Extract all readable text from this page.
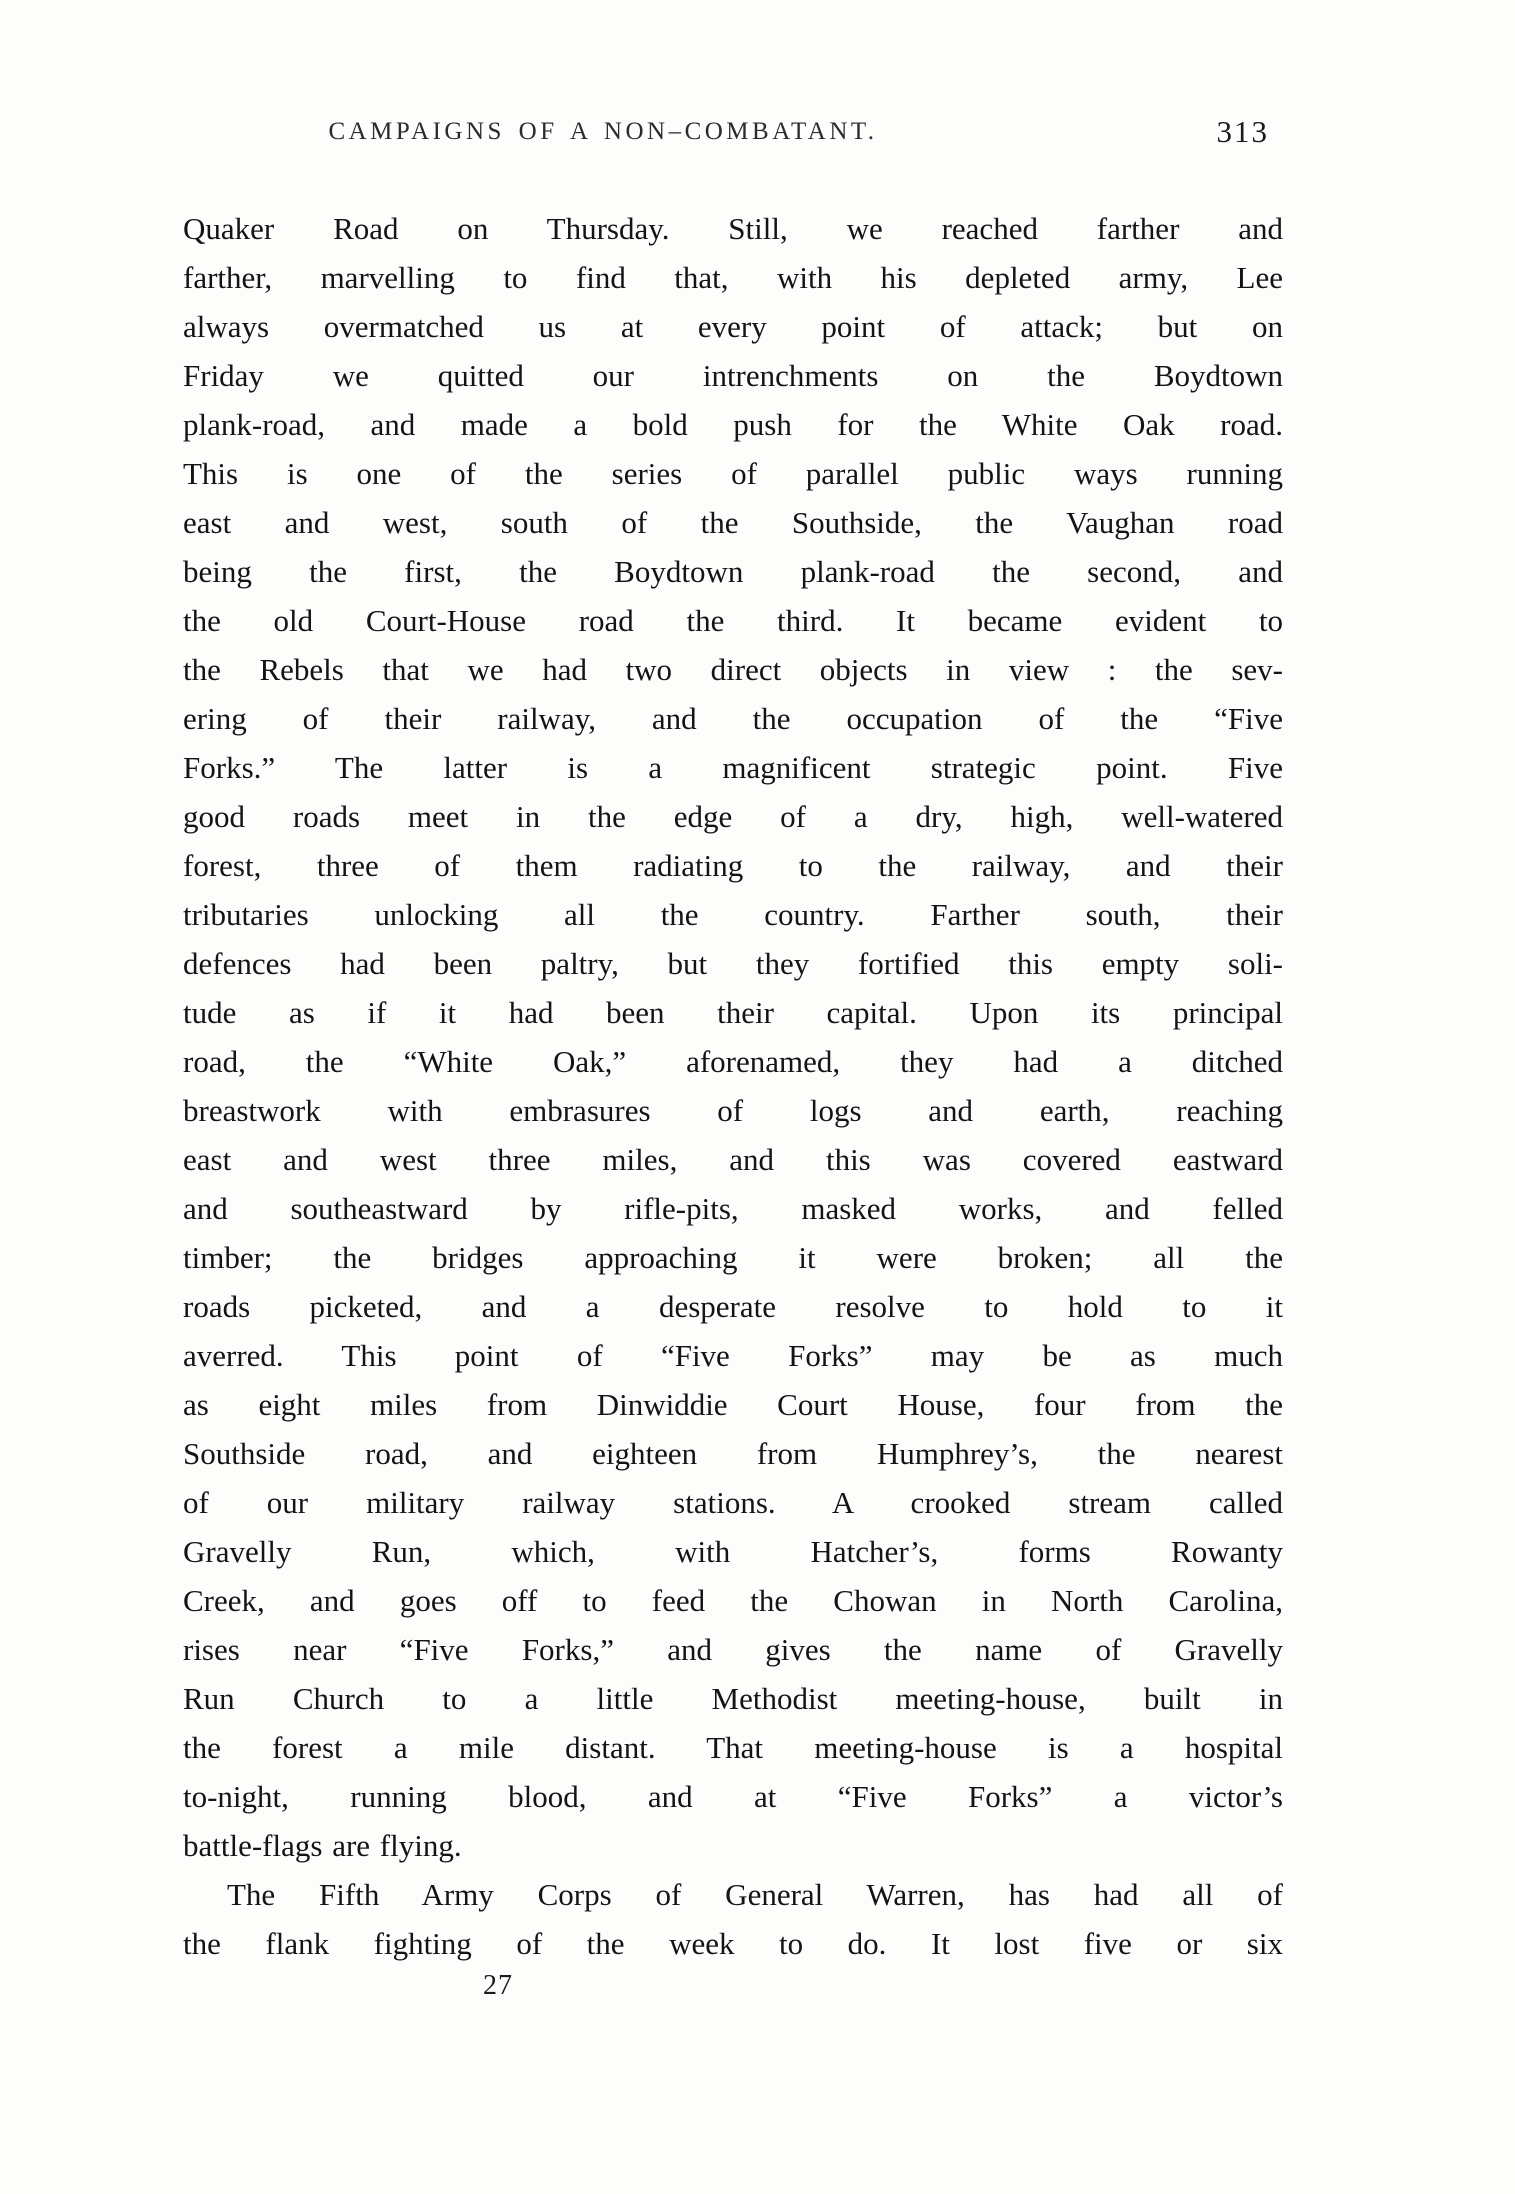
CAMPAIGNS OF A NON–COMBATANT.	313
Quaker Road on Thursday. Still, we reached farther and
farther, marvelling to find that, with his depleted army, Lee
always overmatched us at every point of attack; but on
Friday we quitted our intrenchments on the Boydtown
plank-road, and made a bold push for the White Oak road.
This is one of the series of parallel public ways running
east and west, south of the Southside, the Vaughan road
being the first, the Boydtown plank-road the second, and
the old Court-House road the third. It became evident to
the Rebels that we had two direct objects in view : the sev-
ering of their railway, and the occupation of the “Five
Forks.” The latter is a magnificent strategic point. Five
good roads meet in the edge of a dry, high, well-watered
forest, three of them radiating to the railway, and their
tributaries unlocking all the country. Farther south, their
defences had been paltry, but they fortified this empty soli-
tude as if it had been their capital. Upon its principal
road, the “White Oak,” aforenamed, they had a ditched
breastwork with embrasures of logs and earth, reaching
east and west three miles, and this was covered eastward
and southeastward by rifle-pits, masked works, and felled
timber; the bridges approaching it were broken; all the
roads picketed, and a desperate resolve to hold to it
averred. This point of “Five Forks” may be as much
as eight miles from Dinwiddie Court House, four from the
Southside road, and eighteen from Humphrey’s, the nearest
of our military railway stations. A crooked stream called
Gravelly Run, which, with Hatcher’s, forms Rowanty
Creek, and goes off to feed the Chowan in North Carolina,
rises near “Five Forks,” and gives the name of Gravelly
Run Church to a little Methodist meeting-house, built in
the forest a mile distant. That meeting-house is a hospital
to-night, running blood, and at “Five Forks” a victor’s
battle-flags are flying.
The Fifth Army Corps of General Warren, has had all of
the flank fighting of the week to do. It lost five or six
27
